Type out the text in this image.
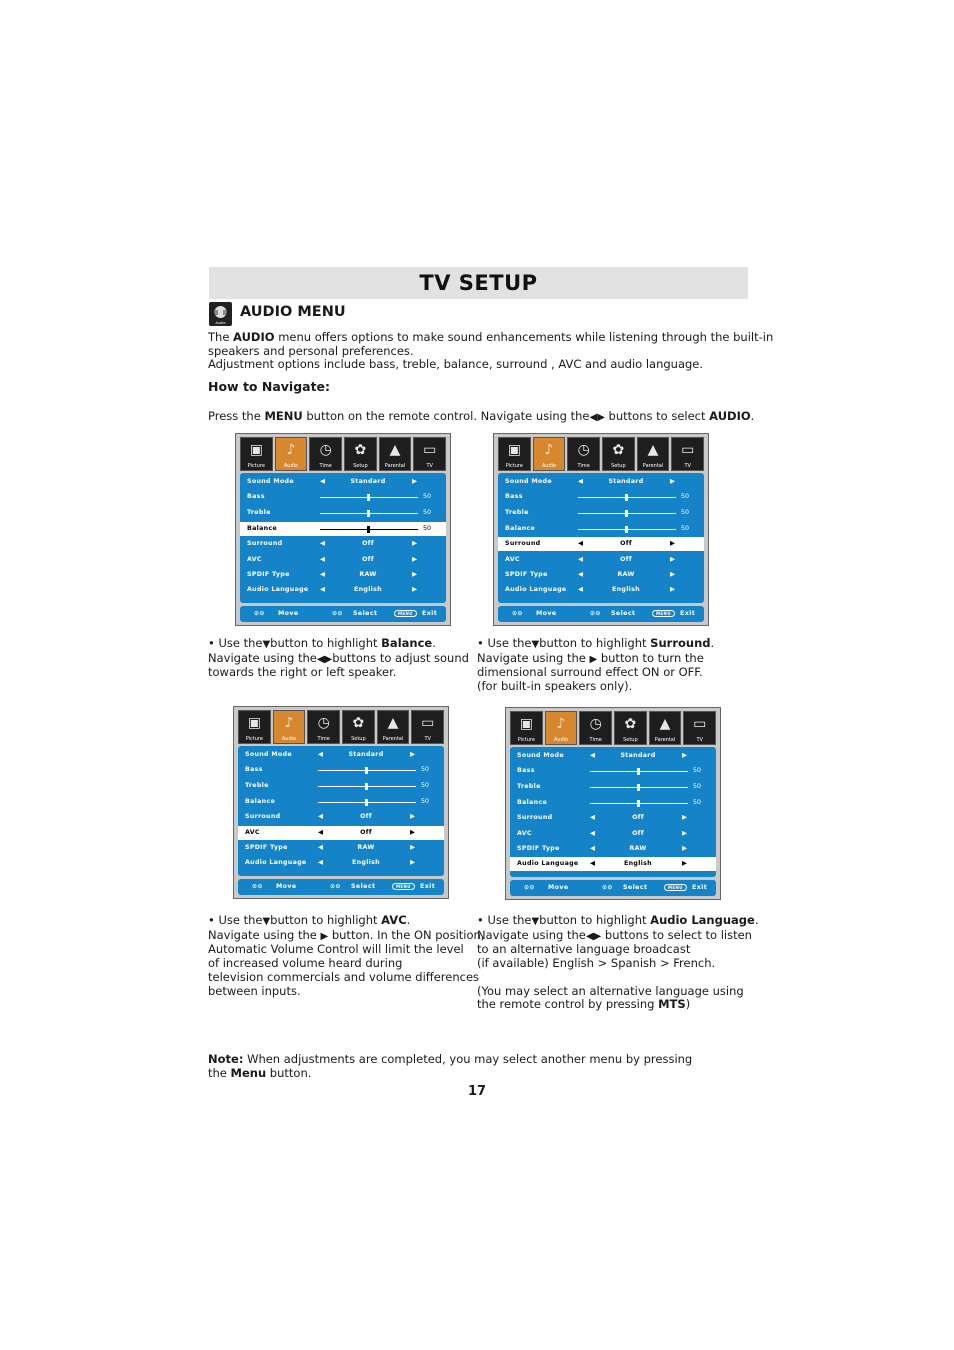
TV SETUP
Audio
AUDIO MENU
The AUDIO menu offers options to make sound enhancements while listening through the built-in
speakers and personal preferences.
Adjustment options include bass, treble, balance, surround , AVC and audio language.
How to Navigate:
Press the MENU button on the remote control. Navigate using the◀▶ buttons to select AUDIO.
▣
Picture
♪
Audio
◷
Time
✿
Setup
▲
Parental
▭
TV
Sound Mode	◀	Standard	▶
Bass	50
Treble	50
Balance	50
Surround	◀	Off	▶
AVC	◀	Off	▶
SPDIF Type	◀	RAW	▶
Audio Language ◀	English	▶
⊙⊙ Move	⊙⊙ Select	MENU	Exit
▣
Picture
♪
Audio
◷
Time
✿
Setup
▲
Parental
▭
TV
Sound Mode	◀	Standard	▶
Bass	50
Treble	50
Balance	50
Surround	◀	Off	▶
AVC	◀	Off	▶
SPDIF Type	◀	RAW	▶
Audio Language ◀	English	▶
⊙⊙ Move	⊙⊙ Select	MENU	Exit
▣
Picture
♪
Audio
◷
Time
✿
Setup
▲
Parental
▭
TV
Sound Mode	◀	Standard	▶
Bass	50
Treble	50
Balance	50
Surround	◀	Off	▶
AVC	◀	Off	▶
SPDIF Type	◀	RAW	▶
Audio Language ◀	English	▶
⊙⊙ Move	⊙⊙ Select	MENU	Exit
▣
Picture
♪
Audio
◷
Time
✿
Setup
▲
Parental
▭
TV
Sound Mode	◀	Standard	▶
Bass	50
Treble	50
Balance	50
Surround	◀	Off	▶
AVC	◀	Off	▶
SPDIF Type	◀	RAW	▶
Audio Language ◀	English	▶
⊙⊙ Move	⊙⊙ Select	MENU	Exit
• Use the▼button to highlight Balance.
Navigate using the◀▶buttons to adjust sound
towards the right or left speaker.
• Use the▼button to highlight Surround.
Navigate using the ▶ button to turn the
dimensional surround effect ON or OFF.
(for built-in speakers only).
• Use the▼button to highlight AVC.
Navigate using the ▶ button. In the ON position,
Automatic Volume Control will limit the level
of increased volume heard during
television commercials and volume differences
between inputs.
• Use the▼button to highlight Audio Language.
Navigate using the◀▶ buttons to select to listen
to an alternative language broadcast
(if available) English > Spanish > French.
(You may select an alternative language using
the remote control by pressing MTS)
Note: When adjustments are completed, you may select another menu by pressing
the Menu button.
17
